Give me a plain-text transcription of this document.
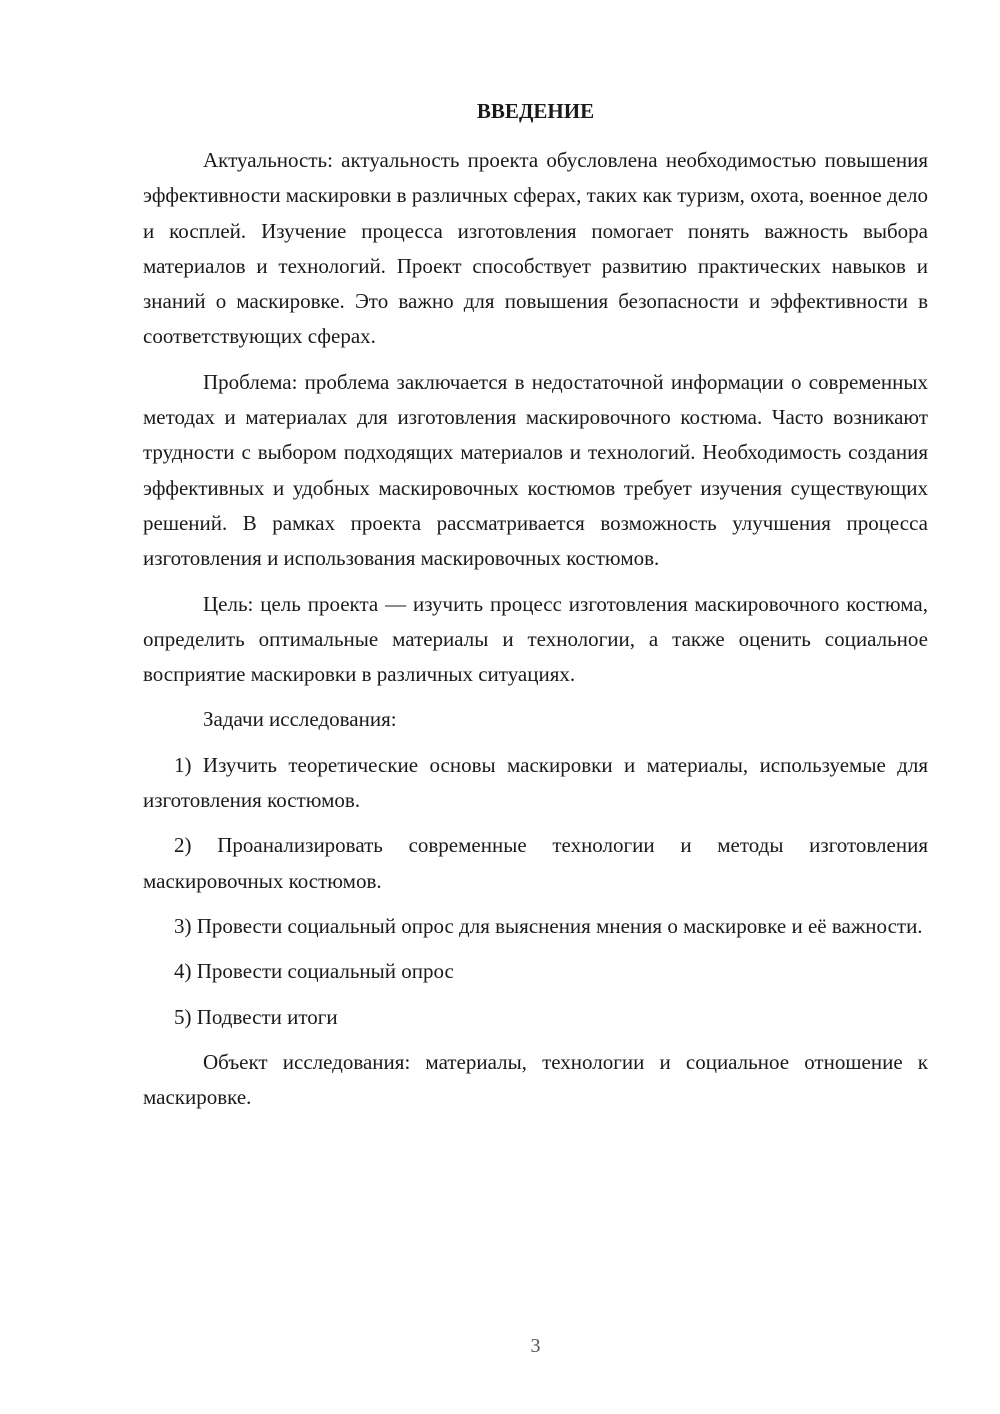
ВВЕДЕНИЕ

Актуальность: актуальность проекта обусловлена необходимостью повышения эффективности маскировки в различных сферах, таких как туризм, охота, военное дело и косплей. Изучение процесса изготовления помогает понять важность выбора материалов и технологий. Проект способствует развитию практических навыков и знаний о маскировке. Это важно для повышения безопасности и эффективности в соответствующих сферах.

Проблема: проблема заключается в недостаточной информации о современных методах и материалах для изготовления маскировочного костюма. Часто возникают трудности с выбором подходящих материалов и технологий. Необходимость создания эффективных и удобных маскировочных костюмов требует изучения существующих решений. В рамках проекта рассматривается возможность улучшения процесса изготовления и использования маскировочных костюмов.

Цель: цель проекта — изучить процесс изготовления маскировочного костюма, определить оптимальные материалы и технологии, а также оценить социальное восприятие маскировки в различных ситуациях.

Задачи исследования:

1) Изучить теоретические основы маскировки и материалы, используемые для изготовления костюмов.

2) Проанализировать современные технологии и методы изготовления маскировочных костюмов.

3) Провести социальный опрос для выяснения мнения о маскировке и её важности.

4) Провести социальный опрос

5) Подвести итоги

Объект исследования: материалы, технологии и социальное отношение к маскировке.

3
